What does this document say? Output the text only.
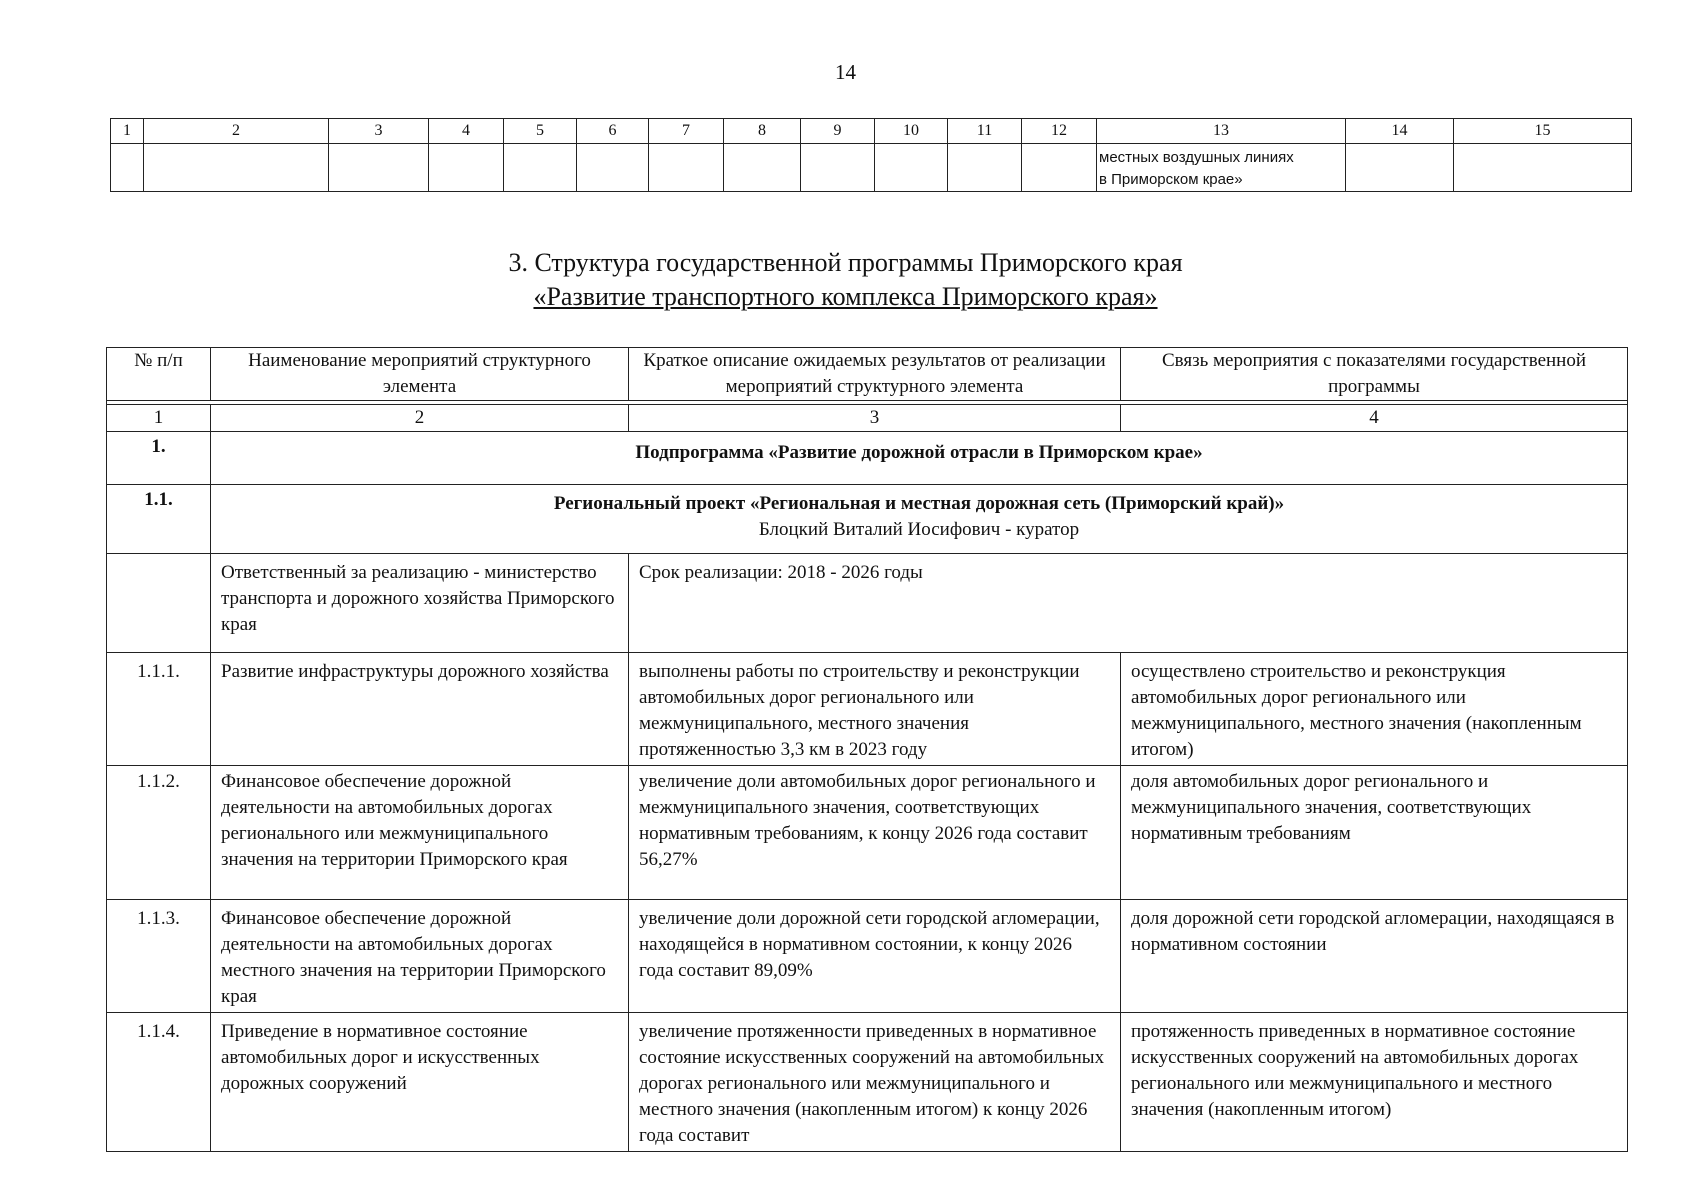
14
1	2	3	4	5	6	7	8	9	10	11	12	13	14	15

												местных воздушных линиях
в Приморском крае»		

3. Структура государственной программы Приморского края
«Развитие транспортного комплекса Приморского края»
№ п/п	Наименование мероприятий структурного элемента	Краткое описание ожидаемых результатов от реализации мероприятий структурного элемента	Связь мероприятия с показателями государственной программы

1	2	3	4
1.	Подпрограмма «Развитие дорожной отрасли в Приморском крае»		
1.1.	Региональный проект «Региональная и местная дорожная сеть (Приморский край)»
Блоцкий Виталий Иосифович - куратор		

	Ответственный за реализацию - министерство транспорта и дорожного хозяйства Приморского края	Срок реализации: 2018 - 2026 годы	
1.1.1.	Развитие инфраструктуры дорожного хозяйства	выполнены работы по строительству и реконструкции автомобильных дорог регионального или межмуниципального, местного значения протяженностью 3,3 км в 2023 году	осуществлено строительство и реконструкция автомобильных дорог регионального или межмуниципального, местного значения (накопленным итогом)
1.1.2.	Финансовое обеспечение дорожной деятельности на автомобильных дорогах регионального или межмуниципального значения на территории Приморского края	увеличение доли автомобильных дорог регионального и межмуниципального значения, соответствующих нормативным требованиям, к концу 2026 года составит 56,27%	доля автомобильных дорог регионального и межмуниципального значения, соответствующих нормативным требованиям
1.1.3.	Финансовое обеспечение дорожной деятельности на автомобильных дорогах местного значения на территории Приморского края	увеличение доли дорожной сети городской агломерации, находящейся в нормативном состоянии, к концу 2026 года составит 89,09%	доля дорожной сети городской агломерации, находящаяся в нормативном состоянии
1.1.4.	Приведение в нормативное состояние автомобильных дорог и искусственных дорожных сооружений	увеличение протяженности приведенных в нормативное состояние искусственных сооружений на автомобильных дорогах регионального или межмуниципального и местного значения (накопленным итогом) к концу 2026 года составит	протяженность приведенных в нормативное состояние искусственных сооружений на автомобильных дорогах регионального или межмуниципального и местного значения (накопленным итогом)
